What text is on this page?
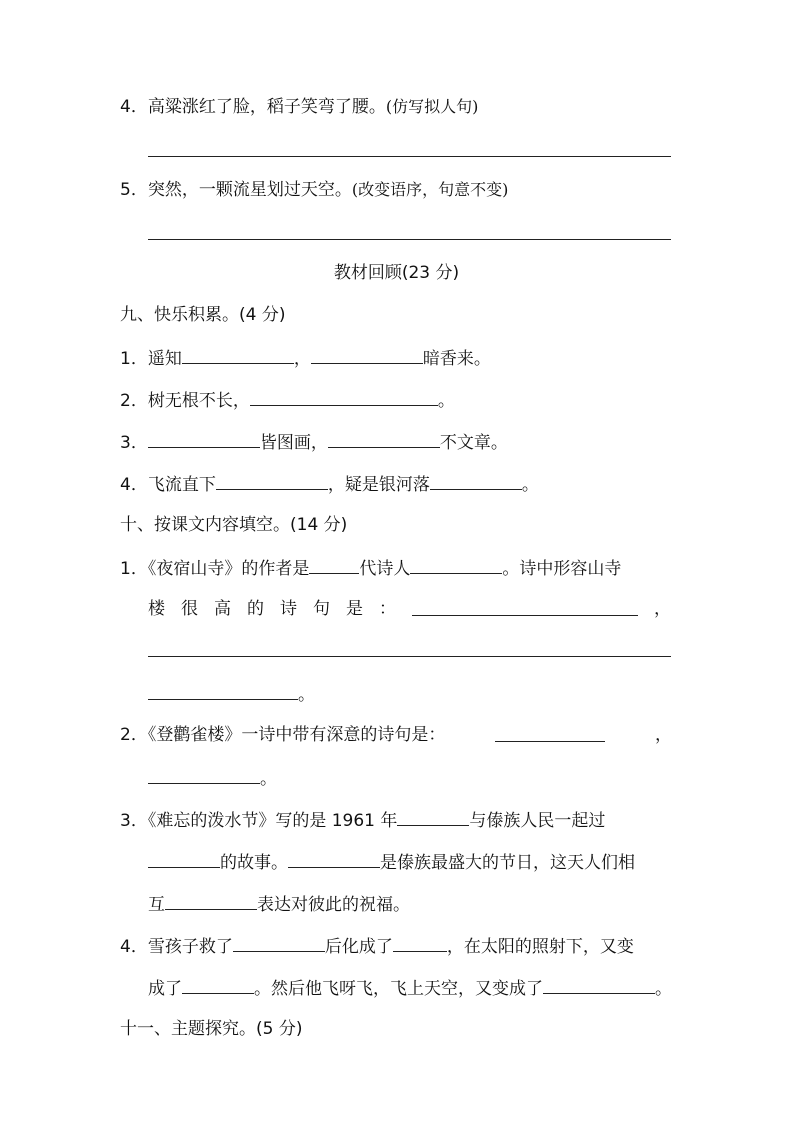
4．高粱涨红了脸，稻子笑弯了腰。(仿写拟人句)
5．突然，一颗流星划过天空。(改变语序，句意不变)
教材回顾(23 分)
九、快乐积累。(4 分)
1．遥知	，	暗香来。
2．树无根不长，	。
3．	皆图画，	不文章。
4．飞流直下	，疑是银河落	。
十、按课文内容填空。(14 分)
1．《夜宿山寺》的作者是	代诗人	。诗中形容山寺
楼 很 高 的 诗 句 是 ：	，
。
2．《登鹳雀楼》一诗中带有深意的诗句是：	，
。
3．《难忘的泼水节》写的是 1961 年	与傣族人民一起过
的故事。	是傣族最盛大的节日，这天人们相
互	表达对彼此的祝福。
4．雪孩子救了	后化成了	，在太阳的照射下，又变
成了	。然后他飞呀飞，飞上天空，又变成了	。
十一、主题探究。(5 分)
